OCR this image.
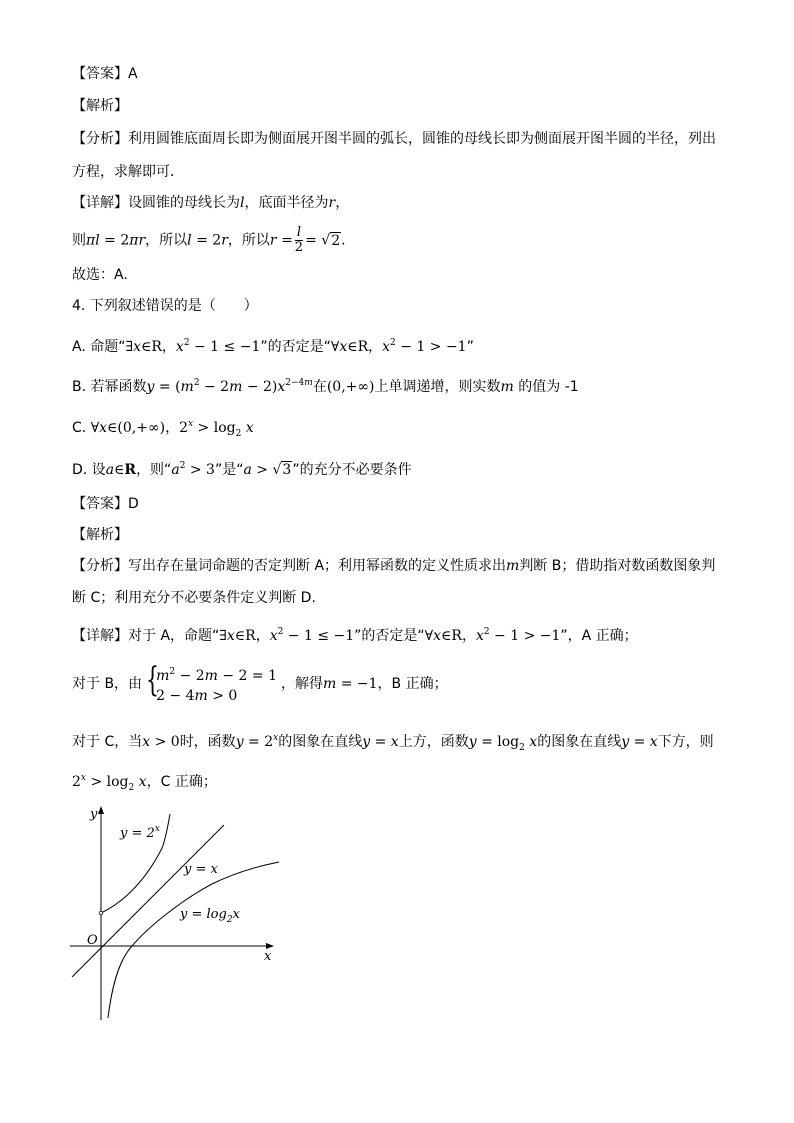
【答案】A
【解析】
【分析】利用圆锥底面周长即为侧面展开图半圆的弧长，圆锥的母线长即为侧面展开图半圆的半径，列出
方程，求解即可．
【详解】设圆锥的母线长为l，底面半径为r，
则πl = 2πr，所以l = 2r，所以$r = \frac{l}{2} = √2$．
故选：A.
4. 下列叙述错误的是（　　）
A. 命题“∃x∈R，$x^2 - 1 \le -1$”的否定是“∀x∈R，$x^2 - 1 > -1$”
B. 若幂函数$y = (m^2 - 2m - 2)x^{2-4m}$在(0,+∞)上单调递增，则实数m 的值为 -1
C. ∀x∈(0,+∞)，$2^x > \log_2 x$
D. 设a∈R，则“$a^2 > 3$”是“a > √3”的充分不必要条件
【答案】D
【解析】
【分析】写出存在量词命题的否定判断 A；利用幂函数的定义性质求出m判断 B；借助指对数函数图象判
断 C；利用充分不必要条件定义判断 D.
【详解】对于 A，命题“∃x∈R，$x^2 - 1 \le -1$”的否定是“∀x∈R，$x^2 - 1 > -1$”，A 正确；
对于 B，由 {
$m^2 - 2m - 2 = 1$
2 − 4m > 0
，解得m = −1，B 正确；
对于 C，当x > 0时，函数$y = 2^x$的图象在直线y = x上方，函数$y = \log_2 x$的图象在直线y = x下方，则
$2^x > \log_2 x$，C 正确；
y
x
O
$y = 2^x$
y = x
$y = \log_2x$
